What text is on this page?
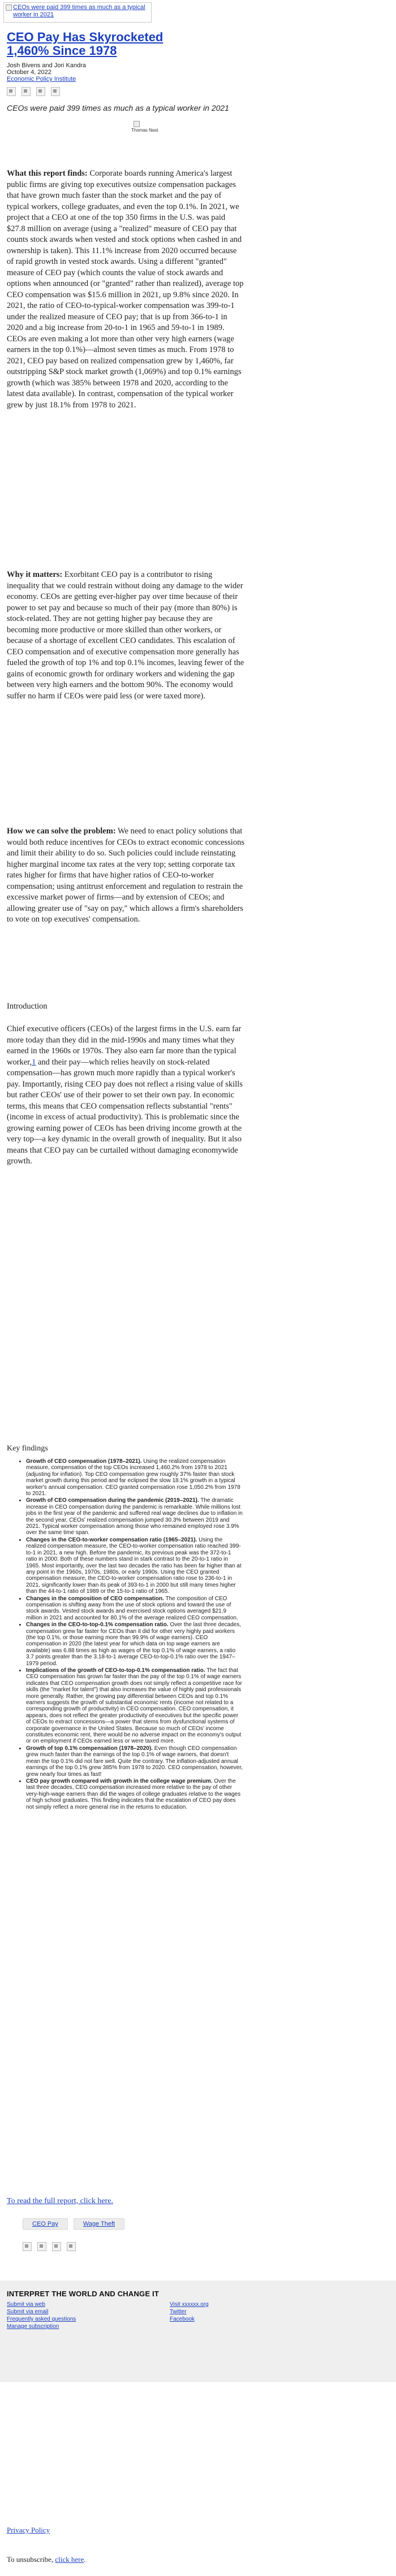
CEOs were paid 399 times as much as a typical worker in 2021
CEO Pay Has Skyrocketed 1,460% Since 1978
Josh Bivens and Jori Kandra
October 4, 2022
Economic Policy Institute
CEOs were paid 399 times as much as a typical worker in 2021
Thomas Nast

What this report finds: Corporate boards running America's largest public firms are giving top executives outsize compensation packages that have grown much faster than the stock market and the pay of typical workers, college graduates, and even the top 0.1%. In 2021, we project that a CEO at one of the top 350 firms in the U.S. was paid $27.8 million on average (using a "realized" measure of CEO pay that counts stock awards when vested and stock options when cashed in and ownership is taken). This 11.1% increase from 2020 occurred because of rapid growth in vested stock awards. Using a different "granted" measure of CEO pay (which counts the value of stock awards and options when announced (or "granted" rather than realized), average top CEO compensation was $15.6 million in 2021, up 9.8% since 2020. In 2021, the ratio of CEO-to-typical-worker compensation was 399-to-1 under the realized measure of CEO pay; that is up from 366-to-1 in 2020 and a big increase from 20-to-1 in 1965 and 59-to-1 in 1989. CEOs are even making a lot more than other very high earners (wage earners in the top 0.1%)—almost seven times as much. From 1978 to 2021, CEO pay based on realized compensation grew by 1,460%, far outstripping S&P stock market growth (1,069%) and top 0.1% earnings growth (which was 385% between 1978 and 2020, according to the latest data available). In contrast, compensation of the typical worker grew by just 18.1% from 1978 to 2021.

Why it matters: Exorbitant CEO pay is a contributor to rising inequality that we could restrain without doing any damage to the wider economy. CEOs are getting ever-higher pay over time because of their power to set pay and because so much of their pay (more than 80%) is stock-related. They are not getting higher pay because they are becoming more productive or more skilled than other workers, or because of a shortage of excellent CEO candidates. This escalation of CEO compensation and of executive compensation more generally has fueled the growth of top 1% and top 0.1% incomes, leaving fewer of the gains of economic growth for ordinary workers and widening the gap between very high earners and the bottom 90%. The economy would suffer no harm if CEOs were paid less (or were taxed more).

How we can solve the problem: We need to enact policy solutions that would both reduce incentives for CEOs to extract economic concessions and limit their ability to do so. Such policies could include reinstating higher marginal income tax rates at the very top; setting corporate tax rates higher for firms that have higher ratios of CEO-to-worker compensation; using antitrust enforcement and regulation to restrain the excessive market power of firms—and by extension of CEOs; and allowing greater use of "say on pay," which allows a firm's shareholders to vote on top executives' compensation.

Introduction

Chief executive officers (CEOs) of the largest firms in the U.S. earn far more today than they did in the mid-1990s and many times what they earned in the 1960s or 1970s. They also earn far more than the typical worker,1 and their pay—which relies heavily on stock-related compensation—has grown much more rapidly than a typical worker's pay. Importantly, rising CEO pay does not reflect a rising value of skills but rather CEOs' use of their power to set their own pay. In economic terms, this means that CEO compensation reflects substantial "rents" (income in excess of actual productivity). This is problematic since the growing earning power of CEOs has been driving income growth at the very top—a key dynamic in the overall growth of inequality. But it also means that CEO pay can be curtailed without damaging economywide growth.

Key findings
• Growth of CEO compensation (1978–2021). Using the realized compensation measure, compensation of the top CEOs increased 1,460.2% from 1978 to 2021 (adjusting for inflation). Top CEO compensation grew roughly 37% faster than stock market growth during this period and far eclipsed the slow 18.1% growth in a typical worker's annual compensation. CEO granted compensation rose 1,050.2% from 1978 to 2021.
• Growth of CEO compensation during the pandemic (2019–2021). The dramatic increase in CEO compensation during the pandemic is remarkable. While millions lost jobs in the first year of the pandemic and suffered real wage declines due to inflation in the second year, CEOs' realized compensation jumped 30.3% between 2019 and 2021. Typical worker compensation among those who remained employed rose 3.9% over the same time span.
• Changes in the CEO-to-worker compensation ratio (1965–2021). Using the realized compensation measure, the CEO-to-worker compensation ratio reached 399-to-1 in 2021, a new high. Before the pandemic, its previous peak was the 372-to-1 ratio in 2000. Both of these numbers stand in stark contrast to the 20-to-1 ratio in 1965. Most importantly, over the last two decades the ratio has been far higher than at any point in the 1960s, 1970s, 1980s, or early 1990s. Using the CEO granted compensation measure, the CEO-to-worker compensation ratio rose to 236-to-1 in 2021, significantly lower than its peak of 393-to-1 in 2000 but still many times higher than the 44-to-1 ratio of 1989 or the 15-to-1 ratio of 1965.
• Changes in the composition of CEO compensation. The composition of CEO compensation is shifting away from the use of stock options and toward the use of stock awards. Vested stock awards and exercised stock options averaged $21.9 million in 2021 and accounted for 80.1% of the average realized CEO compensation.
• Changes in the CEO-to-top-0.1% compensation ratio. Over the last three decades, compensation grew far faster for CEOs than it did for other very highly paid workers (the top 0.1%, or those earning more than 99.9% of wage earners). CEO compensation in 2020 (the latest year for which data on top wage earners are available) was 6.88 times as high as wages of the top 0.1% of wage earners, a ratio 3.7 points greater than the 3.18-to-1 average CEO-to-top-0.1% ratio over the 1947–1979 period.
• Implications of the growth of CEO-to-top-0.1% compensation ratio. The fact that CEO compensation has grown far faster than the pay of the top 0.1% of wage earners indicates that CEO compensation growth does not simply reflect a competitive race for skills (the "market for talent") that also increases the value of highly paid professionals more generally. Rather, the growing pay differential between CEOs and top 0.1% earners suggests the growth of substantial economic rents (income not related to a corresponding growth of productivity) in CEO compensation. CEO compensation, it appears, does not reflect the greater productivity of executives but the specific power of CEOs to extract concessions—a power that stems from dysfunctional systems of corporate governance in the United States. Because so much of CEOs' income constitutes economic rent, there would be no adverse impact on the economy's output or on employment if CEOs earned less or were taxed more.
• Growth of top 0.1% compensation (1978–2020). Even though CEO compensation grew much faster than the earnings of the top 0.1% of wage earners, that doesn't mean the top 0.1% did not fare well. Quite the contrary. The inflation-adjusted annual earnings of the top 0.1% grew 385% from 1978 to 2020. CEO compensation, however, grew nearly four times as fast!
• CEO pay growth compared with growth in the college wage premium. Over the last three decades, CEO compensation increased more relative to the pay of other very-high-wage earners than did the wages of college graduates relative to the wages of high school graduates. This finding indicates that the escalation of CEO pay does not simply reflect a more general rise in the returns to education.
To read the full report, click here.
CEO Pay	Wage Theft
INTERPRET THE WORLD AND CHANGE IT
Submit via web
Submit via email
Frequently asked questions
Manage subscription
Visit xxxxxx.org
Twitter
Facebook
Privacy Policy
To unsubscribe, click here.
